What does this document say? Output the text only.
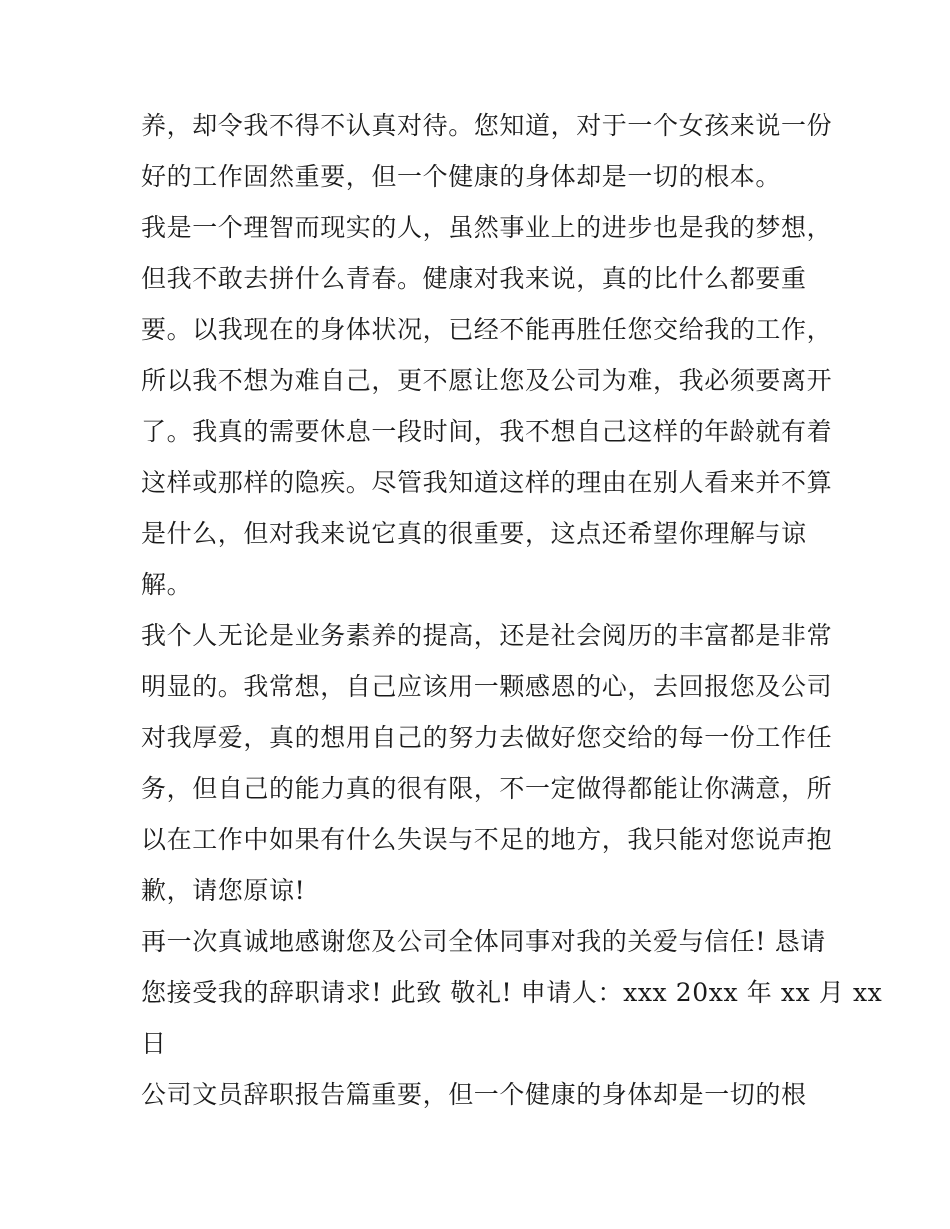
养，却令我不得不认真对待。您知道，对于一个女孩来说一份
好的工作固然重要，但一个健康的身体却是一切的根本。
我是一个理智而现实的人，虽然事业上的进步也是我的梦想，
但我不敢去拼什么青春。健康对我来说，真的比什么都要重
要。以我现在的身体状况，已经不能再胜任您交给我的工作，
所以我不想为难自己，更不愿让您及公司为难，我必须要离开
了。我真的需要休息一段时间，我不想自己这样的年龄就有着
这样或那样的隐疾。尽管我知道这样的理由在别人看来并不算
是什么，但对我来说它真的很重要，这点还希望你理解与谅
解。
我个人无论是业务素养的提高，还是社会阅历的丰富都是非常
明显的。我常想，自己应该用一颗感恩的心，去回报您及公司
对我厚爱，真的想用自己的努力去做好您交给的每一份工作任
务，但自己的能力真的很有限，不一定做得都能让你满意，所
以在工作中如果有什么失误与不足的地方，我只能对您说声抱
歉，请您原谅!
再一次真诚地感谢您及公司全体同事对我的关爱与信任! 恳请
您接受我的辞职请求! 此致 敬礼! 申请人：xxx 20xx 年 xx 月 xx
日
公司文员辞职报告篇重要，但一个健康的身体却是一切的根
